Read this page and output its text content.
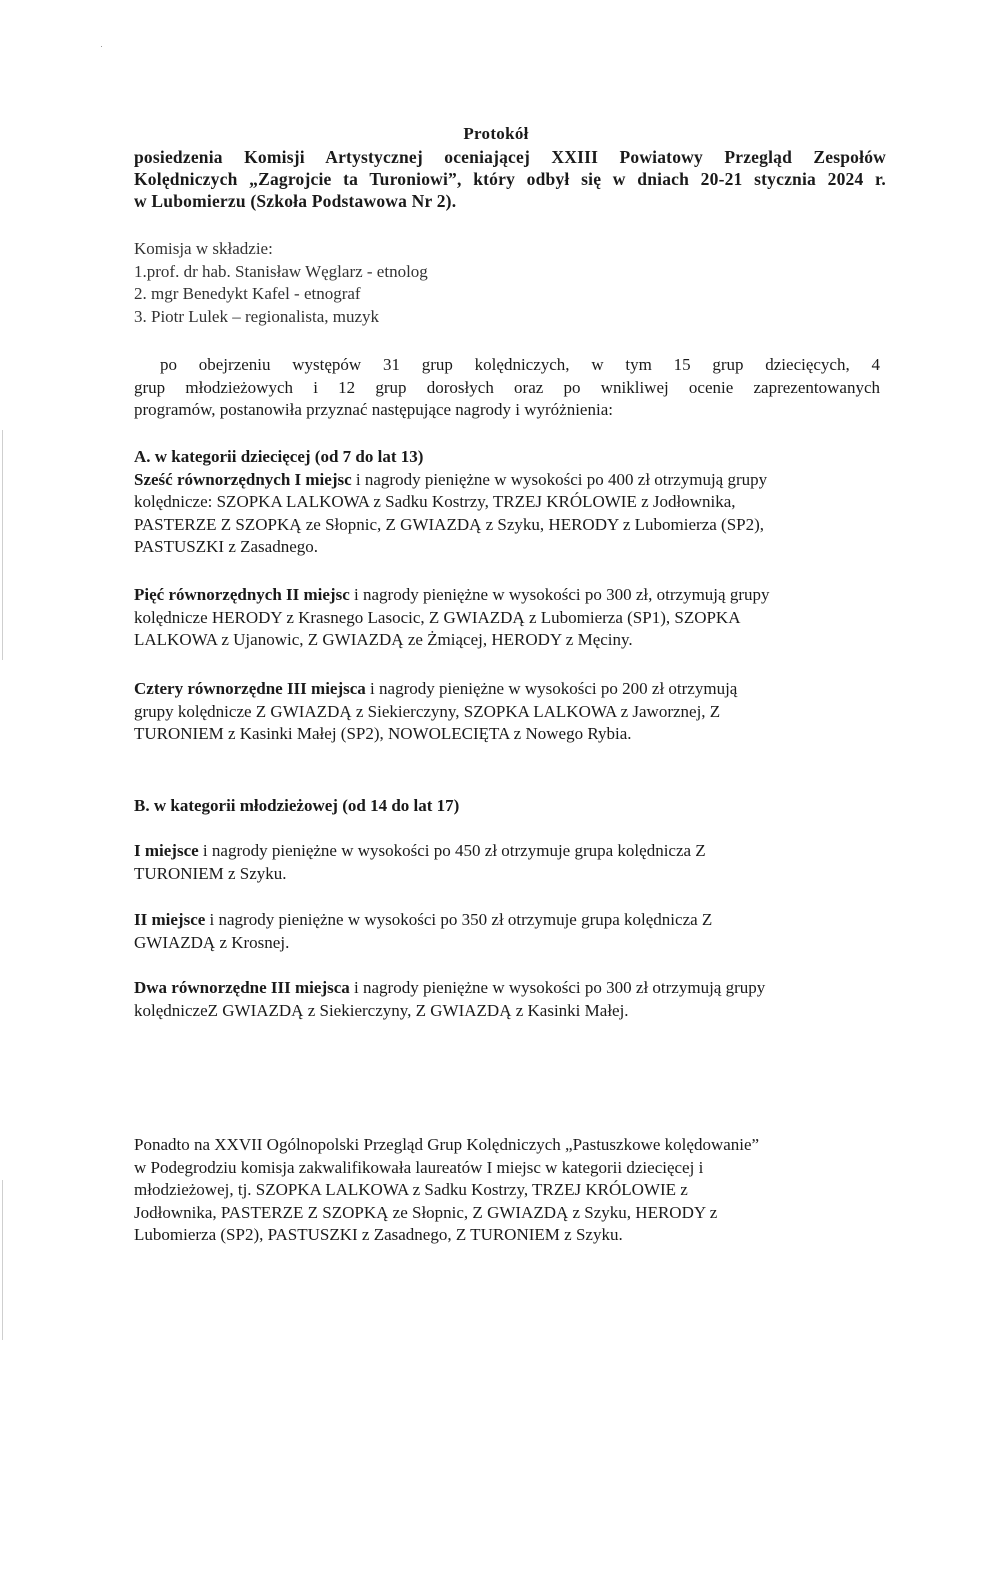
Protokół
posiedzenia Komisji Artystycznej oceniającej XXIII Powiatowy Przegląd Zespołów
Kolędniczych „Zagrojcie ta Turoniowi”, który odbył się w dniach 20-21 stycznia 2024 r.
w Lubomierzu (Szkoła Podstawowa Nr 2).
Komisja w składzie:
1.prof. dr hab. Stanisław Węglarz - etnolog
2. mgr Benedykt Kafel - etnograf
3. Piotr Lulek – regionalista, muzyk
po obejrzeniu występów 31 grup kolędniczych, w tym 15 grup dziecięcych, 4
grup młodzieżowych i 12 grup dorosłych oraz po wnikliwej ocenie zaprezentowanych
programów, postanowiła przyznać następujące nagrody i wyróżnienia:
A. w kategorii dziecięcej (od 7 do lat 13)
Sześć równorzędnych I miejsc i nagrody pieniężne w wysokości po 400 zł otrzymują grupy
kolędnicze: SZOPKA LALKOWA z Sadku Kostrzy, TRZEJ KRÓLOWIE z Jodłownika,
PASTERZE Z SZOPKĄ ze Słopnic, Z GWIAZDĄ z Szyku, HERODY z Lubomierza (SP2),
PASTUSZKI z Zasadnego.
Pięć równorzędnych II miejsc i nagrody pieniężne w wysokości po 300 zł, otrzymują grupy
kolędnicze HERODY z Krasnego Lasocic, Z GWIAZDĄ z Lubomierza (SP1), SZOPKA
LALKOWA z Ujanowic, Z GWIAZDĄ ze Żmiącej, HERODY z Męciny.
Cztery równorzędne III miejsca i nagrody pieniężne w wysokości po 200 zł otrzymują
grupy kolędnicze Z GWIAZDĄ z Siekierczyny, SZOPKA LALKOWA z Jaworznej, Z
TURONIEM z Kasinki Małej (SP2), NOWOLECIĘTA z Nowego Rybia.
B. w kategorii młodzieżowej (od 14 do lat 17)
I miejsce i nagrody pieniężne w wysokości po 450 zł otrzymuje grupa kolędnicza Z
TURONIEM z Szyku.
II miejsce i nagrody pieniężne w wysokości po 350 zł otrzymuje grupa kolędnicza Z
GWIAZDĄ z Krosnej.
Dwa równorzędne III miejsca i nagrody pieniężne w wysokości po 300 zł otrzymują grupy
kolędniczeZ GWIAZDĄ z Siekierczyny, Z GWIAZDĄ z Kasinki Małej.
Ponadto na XXVII Ogólnopolski Przegląd Grup Kolędniczych „Pastuszkowe kolędowanie”
w Podegrodziu komisja zakwalifikowała laureatów I miejsc w kategorii dziecięcej i
młodzieżowej, tj. SZOPKA LALKOWA z Sadku Kostrzy, TRZEJ KRÓLOWIE z
Jodłownika, PASTERZE Z SZOPKĄ ze Słopnic, Z GWIAZDĄ z Szyku, HERODY z
Lubomierza (SP2), PASTUSZKI z Zasadnego, Z TURONIEM z Szyku.
